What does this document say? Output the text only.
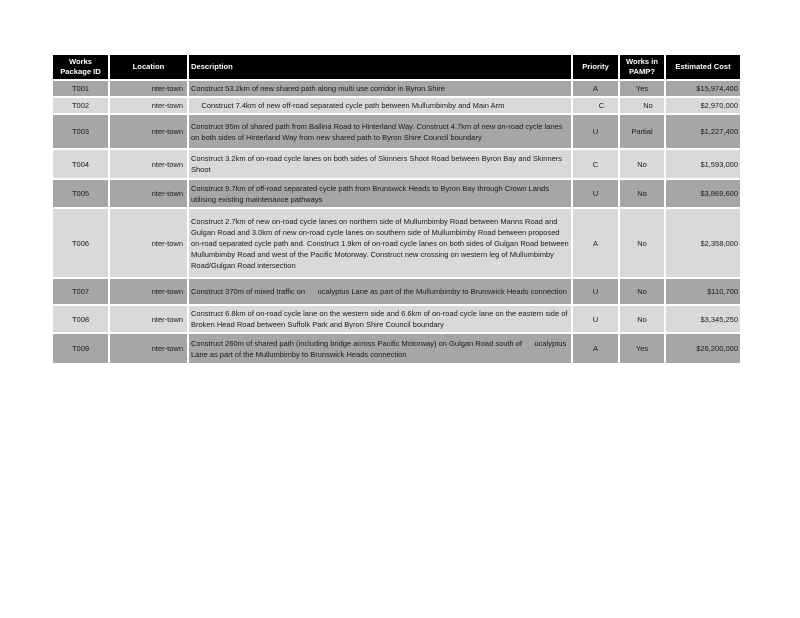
Works Package ID	Location	Description	Priority	Works in PAMP?	Estimated Cost
T001	nter-town	Construct 53.2km of new shared path along multi use corridor in Byron Shire	A	Yes	$15,974,400
T002	nter-town	Construct 7.4km of new off-road separated cycle path between Mullumbimby and Main Arm	C	No	$2,970,000
T003	nter-town	Construct 95m of shared path from Ballina Road to Hinterland Way. Construct 4.7km of new on-road cycle lanes on both sides of Hinterland Way from new shared path to Byron Shire Council boundary	U	Partial	$1,227,400
T004	nter-town	Construct 3.2km of on-road cycle lanes on both sides of Skinners Shoot Road between Byron Bay and Skinners Shoot	C	No	$1,593,000
T005	nter-town	Construct 9.7km of off-road separated cycle path from Brunswick Heads to Byron Bay through Crown Lands utilising existing maintenance pathways	U	No	$3,869,600
T006	nter-town	Construct 2.7km of new on-road cycle lanes on northern side of Mullumbimby Road between Manns Road and Gulgan Road and 3.0km of new on-road cycle lanes on southern side of Mullumbimby Road between proposed on-road separated cycle path and. Construct 1.9km of on-road cycle lanes on both sides of Gulgan Road between Mullumbimby Road and west of the Pacific Motorway. Construct new crossing on western leg of Mullumbimby Road/Gulgan Road intersection	A	No	$2,358,000
T007	nter-town	Construct 370m of mixed traffic on      ucalyptus Lane as part of the Mullumbimby to Brunswick Heads connection	U	No	$110,700
T008	nter-town	Construct 6.8km of on-road cycle lane on the western side and 6.6km of on-road cycle lane on the eastern side of Broken Head Road between Suffolk Park and Byron Shire Council boundary	U	No	$3,345,250
T009	nter-town	Construct 260m of shared path (including bridge across Pacific Motorway) on Gulgan Road south of      ucalyptus Lane as part of the Mullumbimby to Brunswick Heads connection	A	Yes	$26,200,000
